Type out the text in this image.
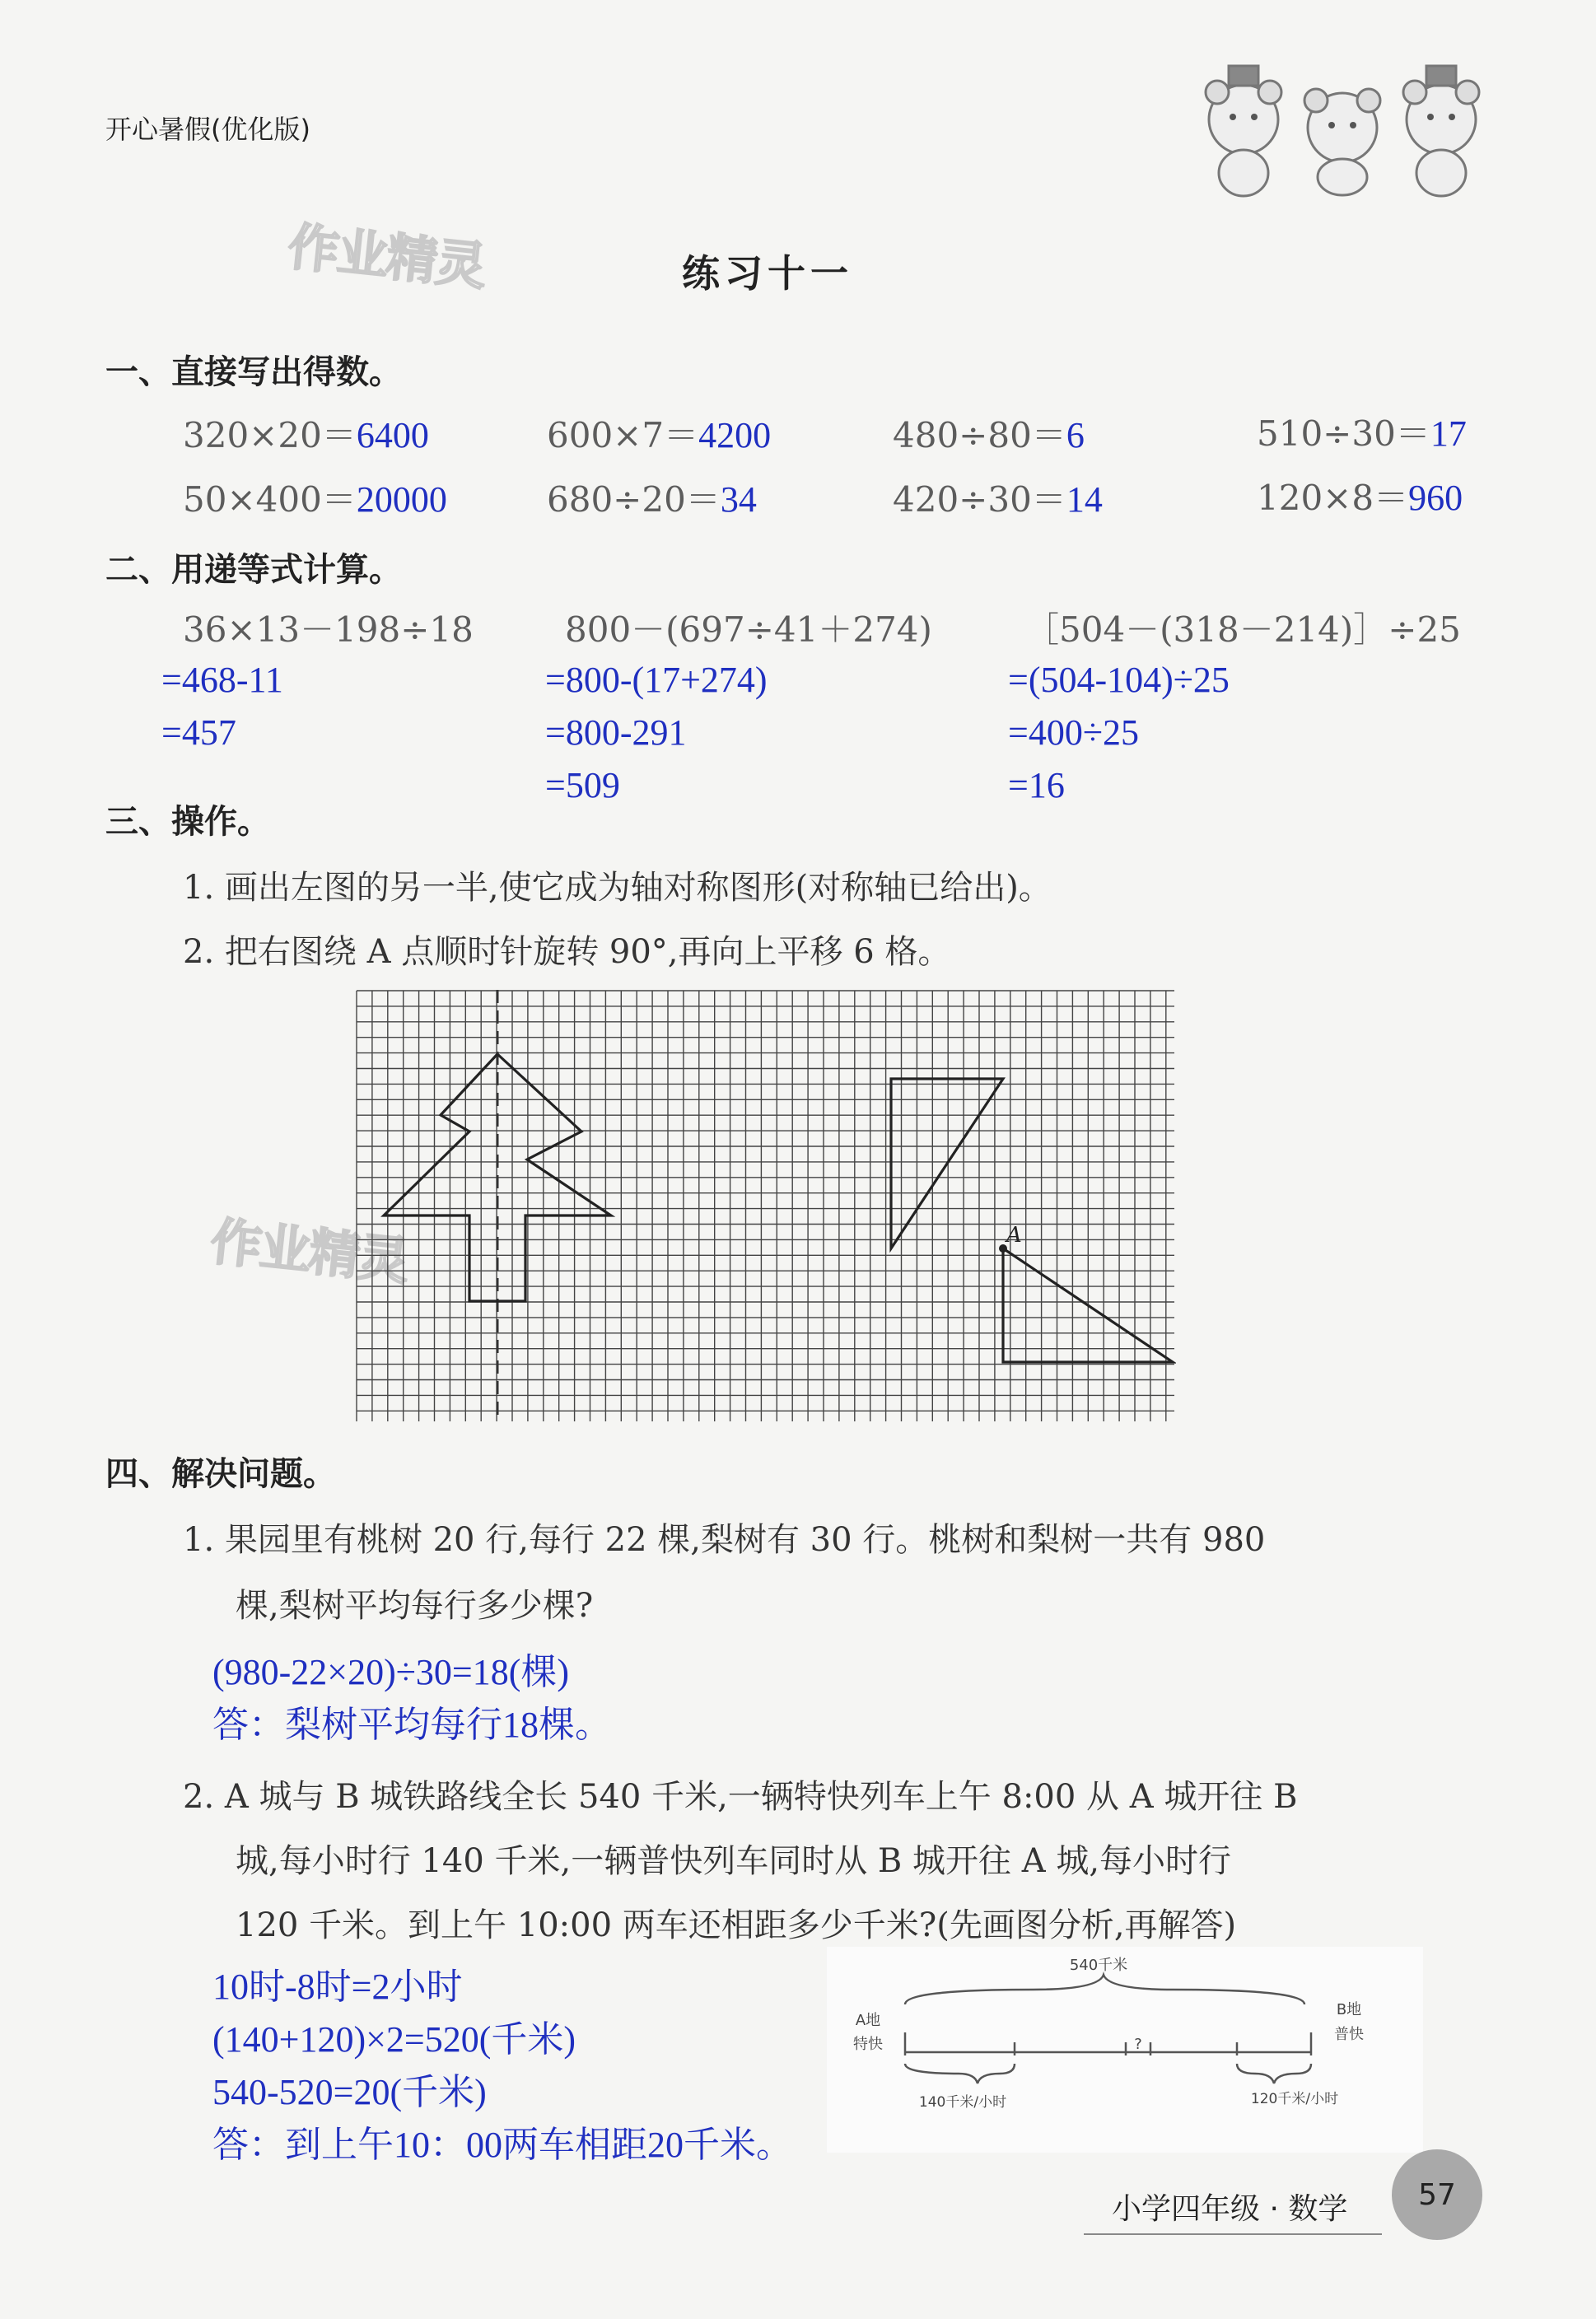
开心暑假(优化版)
作业精灵
作业精灵
练习十一
一、直接写出得数。
320×20＝6400	600×7＝4200	480÷80＝6	510÷30＝17
50×400＝20000	680÷20＝34	420÷30＝14	120×8＝960
二、用递等式计算。
36×13－198÷18
=468-11
=457
800－(697÷41＋274)
=800-(17+274)
=800-291
=509
［504－(318－214)］÷25
=(504-104)÷25
=400÷25
=16
三、操作。
1. 画出左图的另一半,使它成为轴对称图形(对称轴已给出)。
2. 把右图绕 A 点顺时针旋转 90°,再向上平移 6 格。
A
四、解决问题。
1. 果园里有桃树 20 行,每行 22 棵,梨树有 30 行。桃树和梨树一共有 980
棵,梨树平均每行多少棵?
(980-22×20)÷30=18(棵)
答：梨树平均每行18棵。
2. A 城与 B 城铁路线全长 540 千米,一辆特快列车上午 8:00 从 A 城开往 B
城,每小时行 140 千米,一辆普快列车同时从 B 城开往 A 城,每小时行
120 千米。到上午 10:00 两车还相距多少千米?(先画图分析,再解答)
10时-8时=2小时
(140+120)×2=520(千米)
540-520=20(千米)
答：到上午10：00两车相距20千米。
540千米
A地
特快
B地
普快
?
140千米/小时	120千米/小时
小学四年级 · 数学	57
